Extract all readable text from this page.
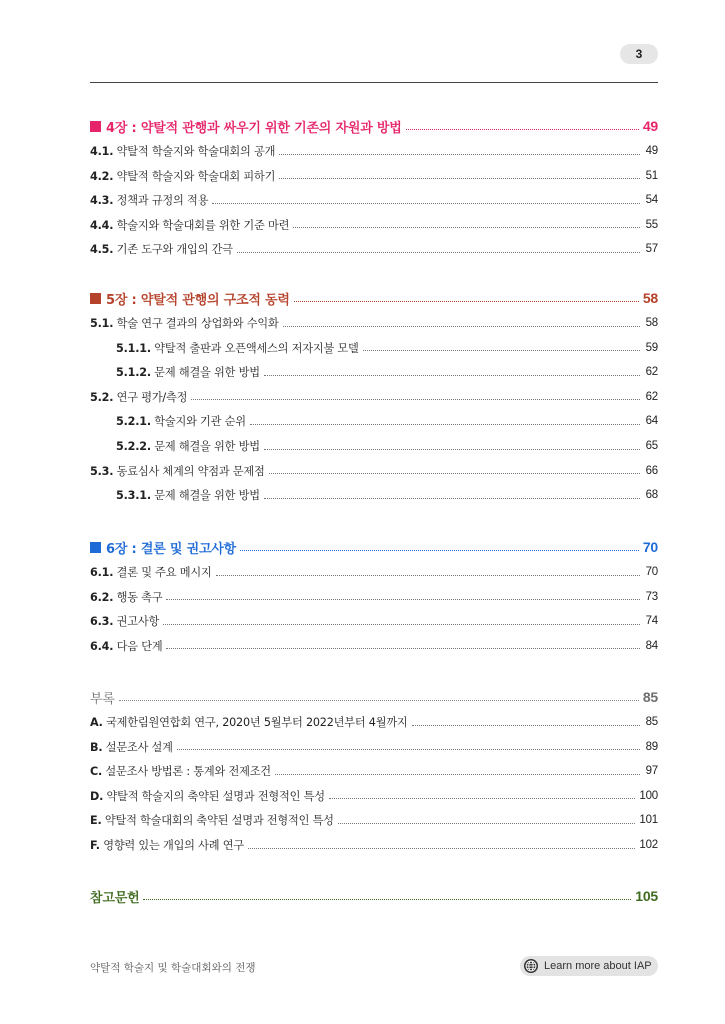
3
4장 : 약탈적 관행과 싸우기 위한 기존의 자원과 방법	49
4.1. 약탈적 학술지와 학술대회의 공개	49
4.2. 약탈적 학술지와 학술대회 피하기	51
4.3. 정책과 규정의 적용	54
4.4. 학술지와 학술대회를 위한 기준 마련	55
4.5. 기존 도구와 개입의 간극	57
5장 : 약탈적 관행의 구조적 동력	58
5.1. 학술 연구 결과의 상업화와 수익화	58
5.1.1. 약탈적 출판과 오픈액세스의 저자지불 모델	59
5.1.2. 문제 해결을 위한 방법	62
5.2. 연구 평가/측정	62
5.2.1. 학술지와 기관 순위	64
5.2.2. 문제 해결을 위한 방법	65
5.3. 동료심사 체계의 약점과 문제점	66
5.3.1. 문제 해결을 위한 방법	68
6장 : 결론 및 권고사항	70
6.1. 결론 및 주요 메시지	70
6.2. 행동 촉구	73
6.3. 권고사항	74
6.4. 다음 단계	84
부록	85
A. 국제한림원연합회 연구, 2020년 5월부터 2022년부터 4월까지	85
B. 설문조사 설계	89
C. 설문조사 방법론 : 통계와 전제조건	97
D. 약탈적 학술지의 축약된 설명과 전형적인 특성	100
E. 약탈적 학술대회의 축약된 설명과 전형적인 특성	101
F. 영향력 있는 개입의 사례 연구	102
참고문헌	105
약탈적 학술지 및 학술대회와의 전쟁	Learn more about IAP
